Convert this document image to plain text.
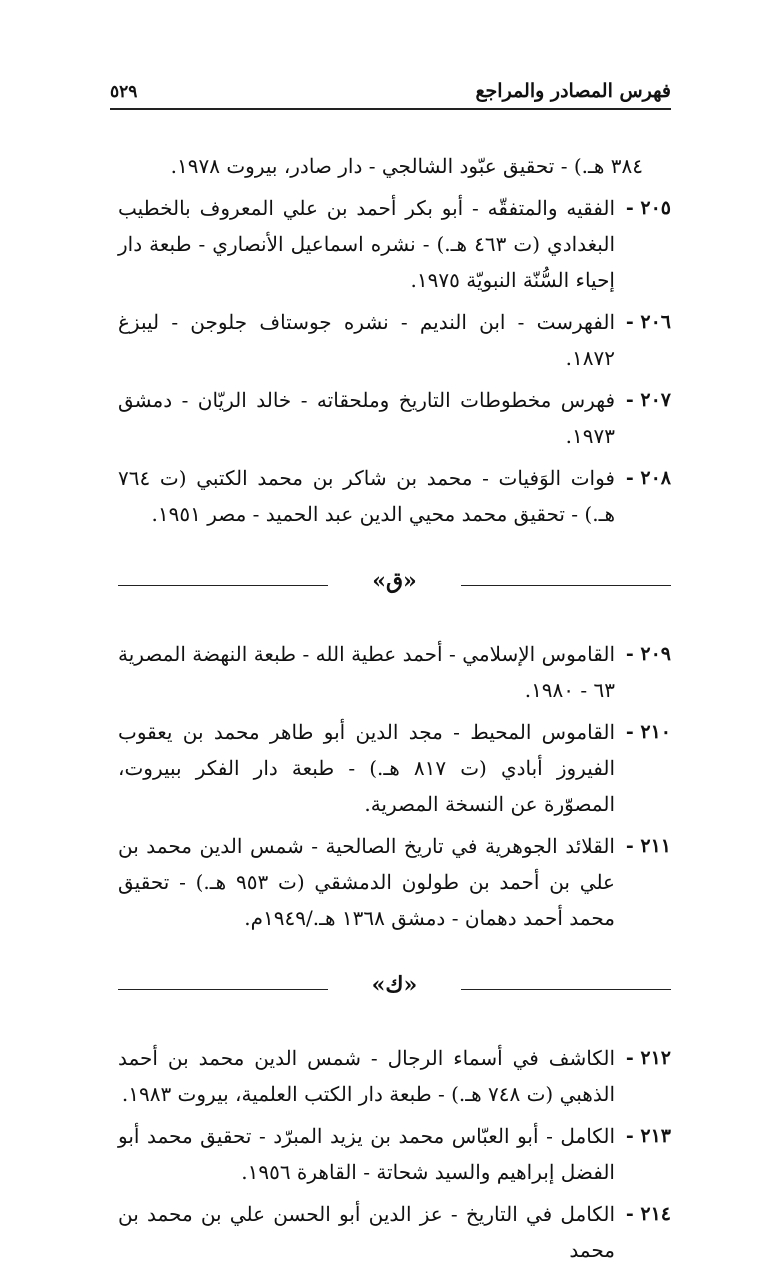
فهرس المصادر والمراجع
٥٢٩
٣٨٤ هـ.) - تحقيق عبّود الشالجي - دار صادر، بيروت ١٩٧٨.
٢٠٥ -
الفقيه والمتفقّه - أبو بكر أحمد بن علي المعروف بالخطيب البغدادي (ت ٤٦٣ هـ.) - نشره اسماعيل الأنصاري - طبعة دار إحياء السُّنّة النبويّة ١٩٧٥.
٢٠٦ -
الفهرست - ابن النديم - نشره جوستاف جلوجن - ليبزغ ١٨٧٢.
٢٠٧ -
فهرس مخطوطات التاريخ وملحقاته - خالد الريّان - دمشق ١٩٧٣.
٢٠٨ -
فوات الوَفيات - محمد بن شاكر بن محمد الكتبي (ت ٧٦٤ هـ.) - تحقيق محمد محيي الدين عبد الحميد - مصر ١٩٥١.
«ق»
٢٠٩ -
القاموس الإسلامي - أحمد عطية الله - طبعة النهضة المصرية ٦٣ - ١٩٨٠.
٢١٠ -
القاموس المحيط - مجد الدين أبو طاهر محمد بن يعقوب الفيروز أبادي (ت ٨١٧ هـ.) - طبعة دار الفكر ببيروت، المصوّرة عن النسخة المصرية.
٢١١ -
القلائد الجوهرية في تاريخ الصالحية - شمس الدين محمد بن علي بن أحمد بن طولون الدمشقي (ت ٩٥٣ هـ.) - تحقيق محمد أحمد دهمان - دمشق ١٣٦٨ هـ./١٩٤٩م.
«ك»
٢١٢ -
الكاشف في أسماء الرجال - شمس الدين محمد بن أحمد الذهبي (ت ٧٤٨ هـ.) - طبعة دار الكتب العلمية، بيروت ١٩٨٣.
٢١٣ -
الكامل - أبو العبّاس محمد بن يزيد المبرّد - تحقيق محمد أبو الفضل إبراهيم والسيد شحاتة - القاهرة ١٩٥٦.
٢١٤ -
الكامل في التاريخ - عز الدين أبو الحسن علي بن محمد بن محمد
